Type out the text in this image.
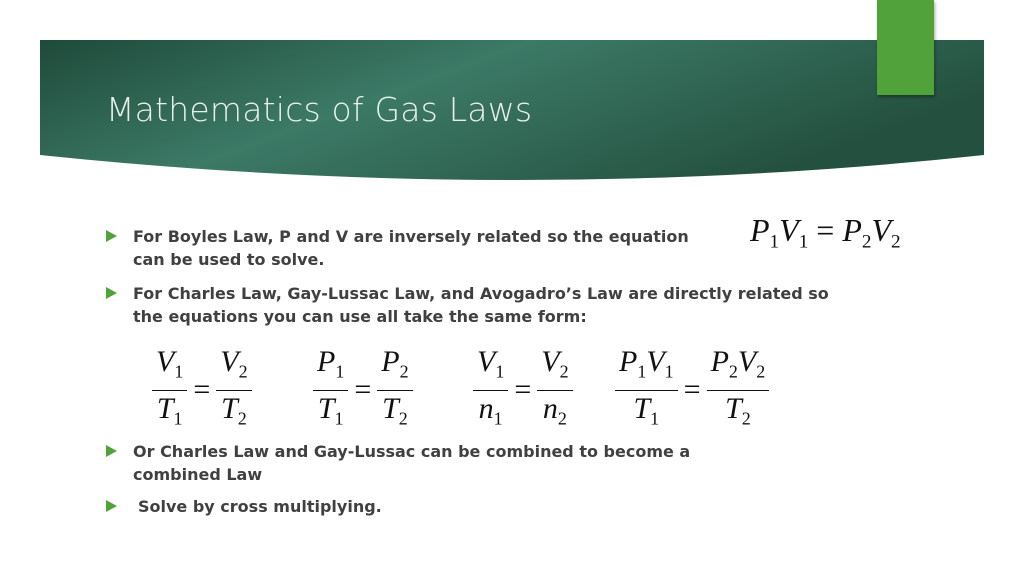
Mathematics of Gas Laws
For Boyles Law, P and V are inversely related so the equation can be used to solve.
$P_1V_1 = P_2V_2$
For Charles Law, Gay-Lussac Law, and Avogadro’s Law are directly related so the equations you can use all take the same form:
$\frac{V_1}{T_1} = \frac{V_2}{T_2} \frac{P_1}{T_1} = \frac{P_2}{T_2} \frac{V_1}{n_1} = \frac{V_2}{n_2} \frac{P_1V_1}{T_1} = \frac{P_2V_2}{T_2}$
Or Charles Law and Gay-Lussac can be combined to become a combined Law
Solve by cross multiplying.
